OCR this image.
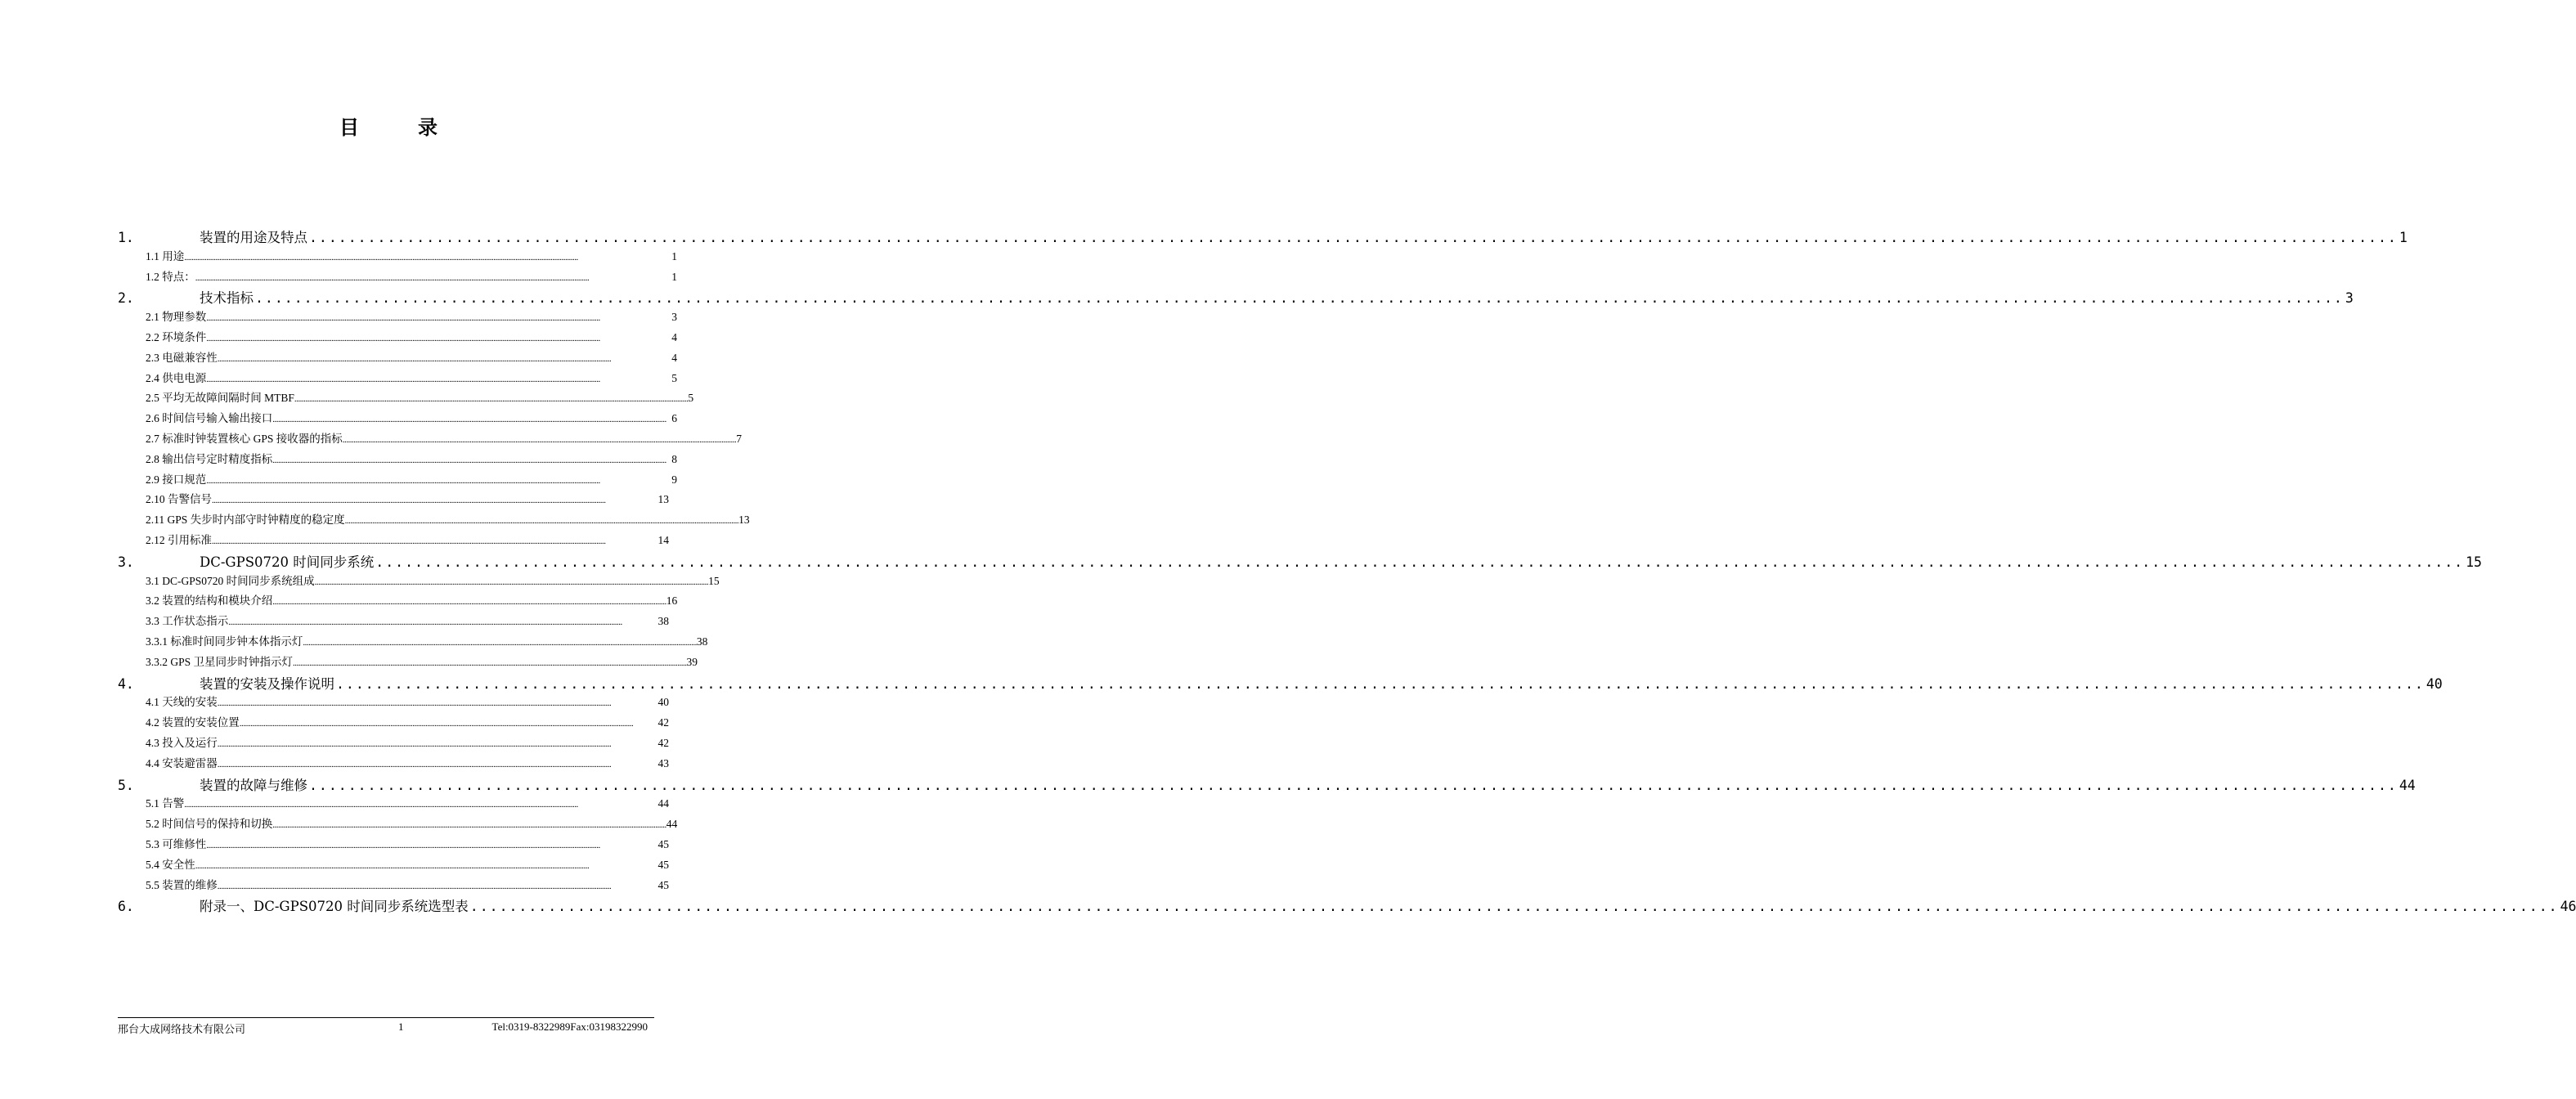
目	录
1.	装置的用途及特点 ...................................................................................................................................................................................................................... 1
1.1 用途 ......................................................................................................................................................................................................................	1
1.2 特点： ......................................................................................................................................................................................................................	1
2.	技术指标 ...................................................................................................................................................................................................................... 3
2.1 物理参数 ......................................................................................................................................................................................................................	3
2.2 环境条件 ......................................................................................................................................................................................................................	4
2.3 电磁兼容性 ......................................................................................................................................................................................................................	4
2.4 供电电源 ......................................................................................................................................................................................................................	5
2.5 平均无故障间隔时间 MTBF ...................................................................................................................................................................................................................... 5
2.6 时间信号输入输出接口 ...................................................................................................................................................................................................................... 6
2.7 标准时钟装置核心 GPS 接收器的指标 ...................................................................................................................................................................................................................... 7
2.8 输出信号定时精度指标 ...................................................................................................................................................................................................................... 8
2.9 接口规范 ......................................................................................................................................................................................................................	9
2.10 告警信号 ......................................................................................................................................................................................................................	13
2.11 GPS 失步时内部守时钟精度的稳定度 ...................................................................................................................................................................................................................... 13
2.12 引用标准 ......................................................................................................................................................................................................................	14
3.	DC-GPS0720 时间同步系统 ...................................................................................................................................................................................................................... 15
3.1 DC-GPS0720 时间同步系统组成 ...................................................................................................................................................................................................................... 15
3.2 装置的结构和模块介绍 ...................................................................................................................................................................................................................... 16
3.3 工作状态指示 ......................................................................................................................................................................................................................	38
3.3.1 标准时间同步钟本体指示灯 ...................................................................................................................................................................................................................... 38
3.3.2 GPS 卫星同步时钟指示灯 ...................................................................................................................................................................................................................... 39
4.	装置的安装及操作说明 ...................................................................................................................................................................................................................... 40
4.1 天线的安装 ......................................................................................................................................................................................................................	40
4.2 装置的安装位置 ......................................................................................................................................................................................................................	42
4.3 投入及运行 ......................................................................................................................................................................................................................	42
4.4 安装避雷器 ......................................................................................................................................................................................................................	43
5.	装置的故障与维修 ...................................................................................................................................................................................................................... 44
5.1 告警 ......................................................................................................................................................................................................................	44
5.2 时间信号的保持和切换 ...................................................................................................................................................................................................................... 44
5.3 可维修性 ......................................................................................................................................................................................................................	45
5.4 安全性 ......................................................................................................................................................................................................................	45
5.5 装置的维修 ......................................................................................................................................................................................................................	45
6.	附录一、DC-GPS0720 时间同步系统选型表 ...................................................................................................................................................................................................................... 46
邢台大成网络技术有限公司	1	Tel:0319-8322989Fax:03198322990
